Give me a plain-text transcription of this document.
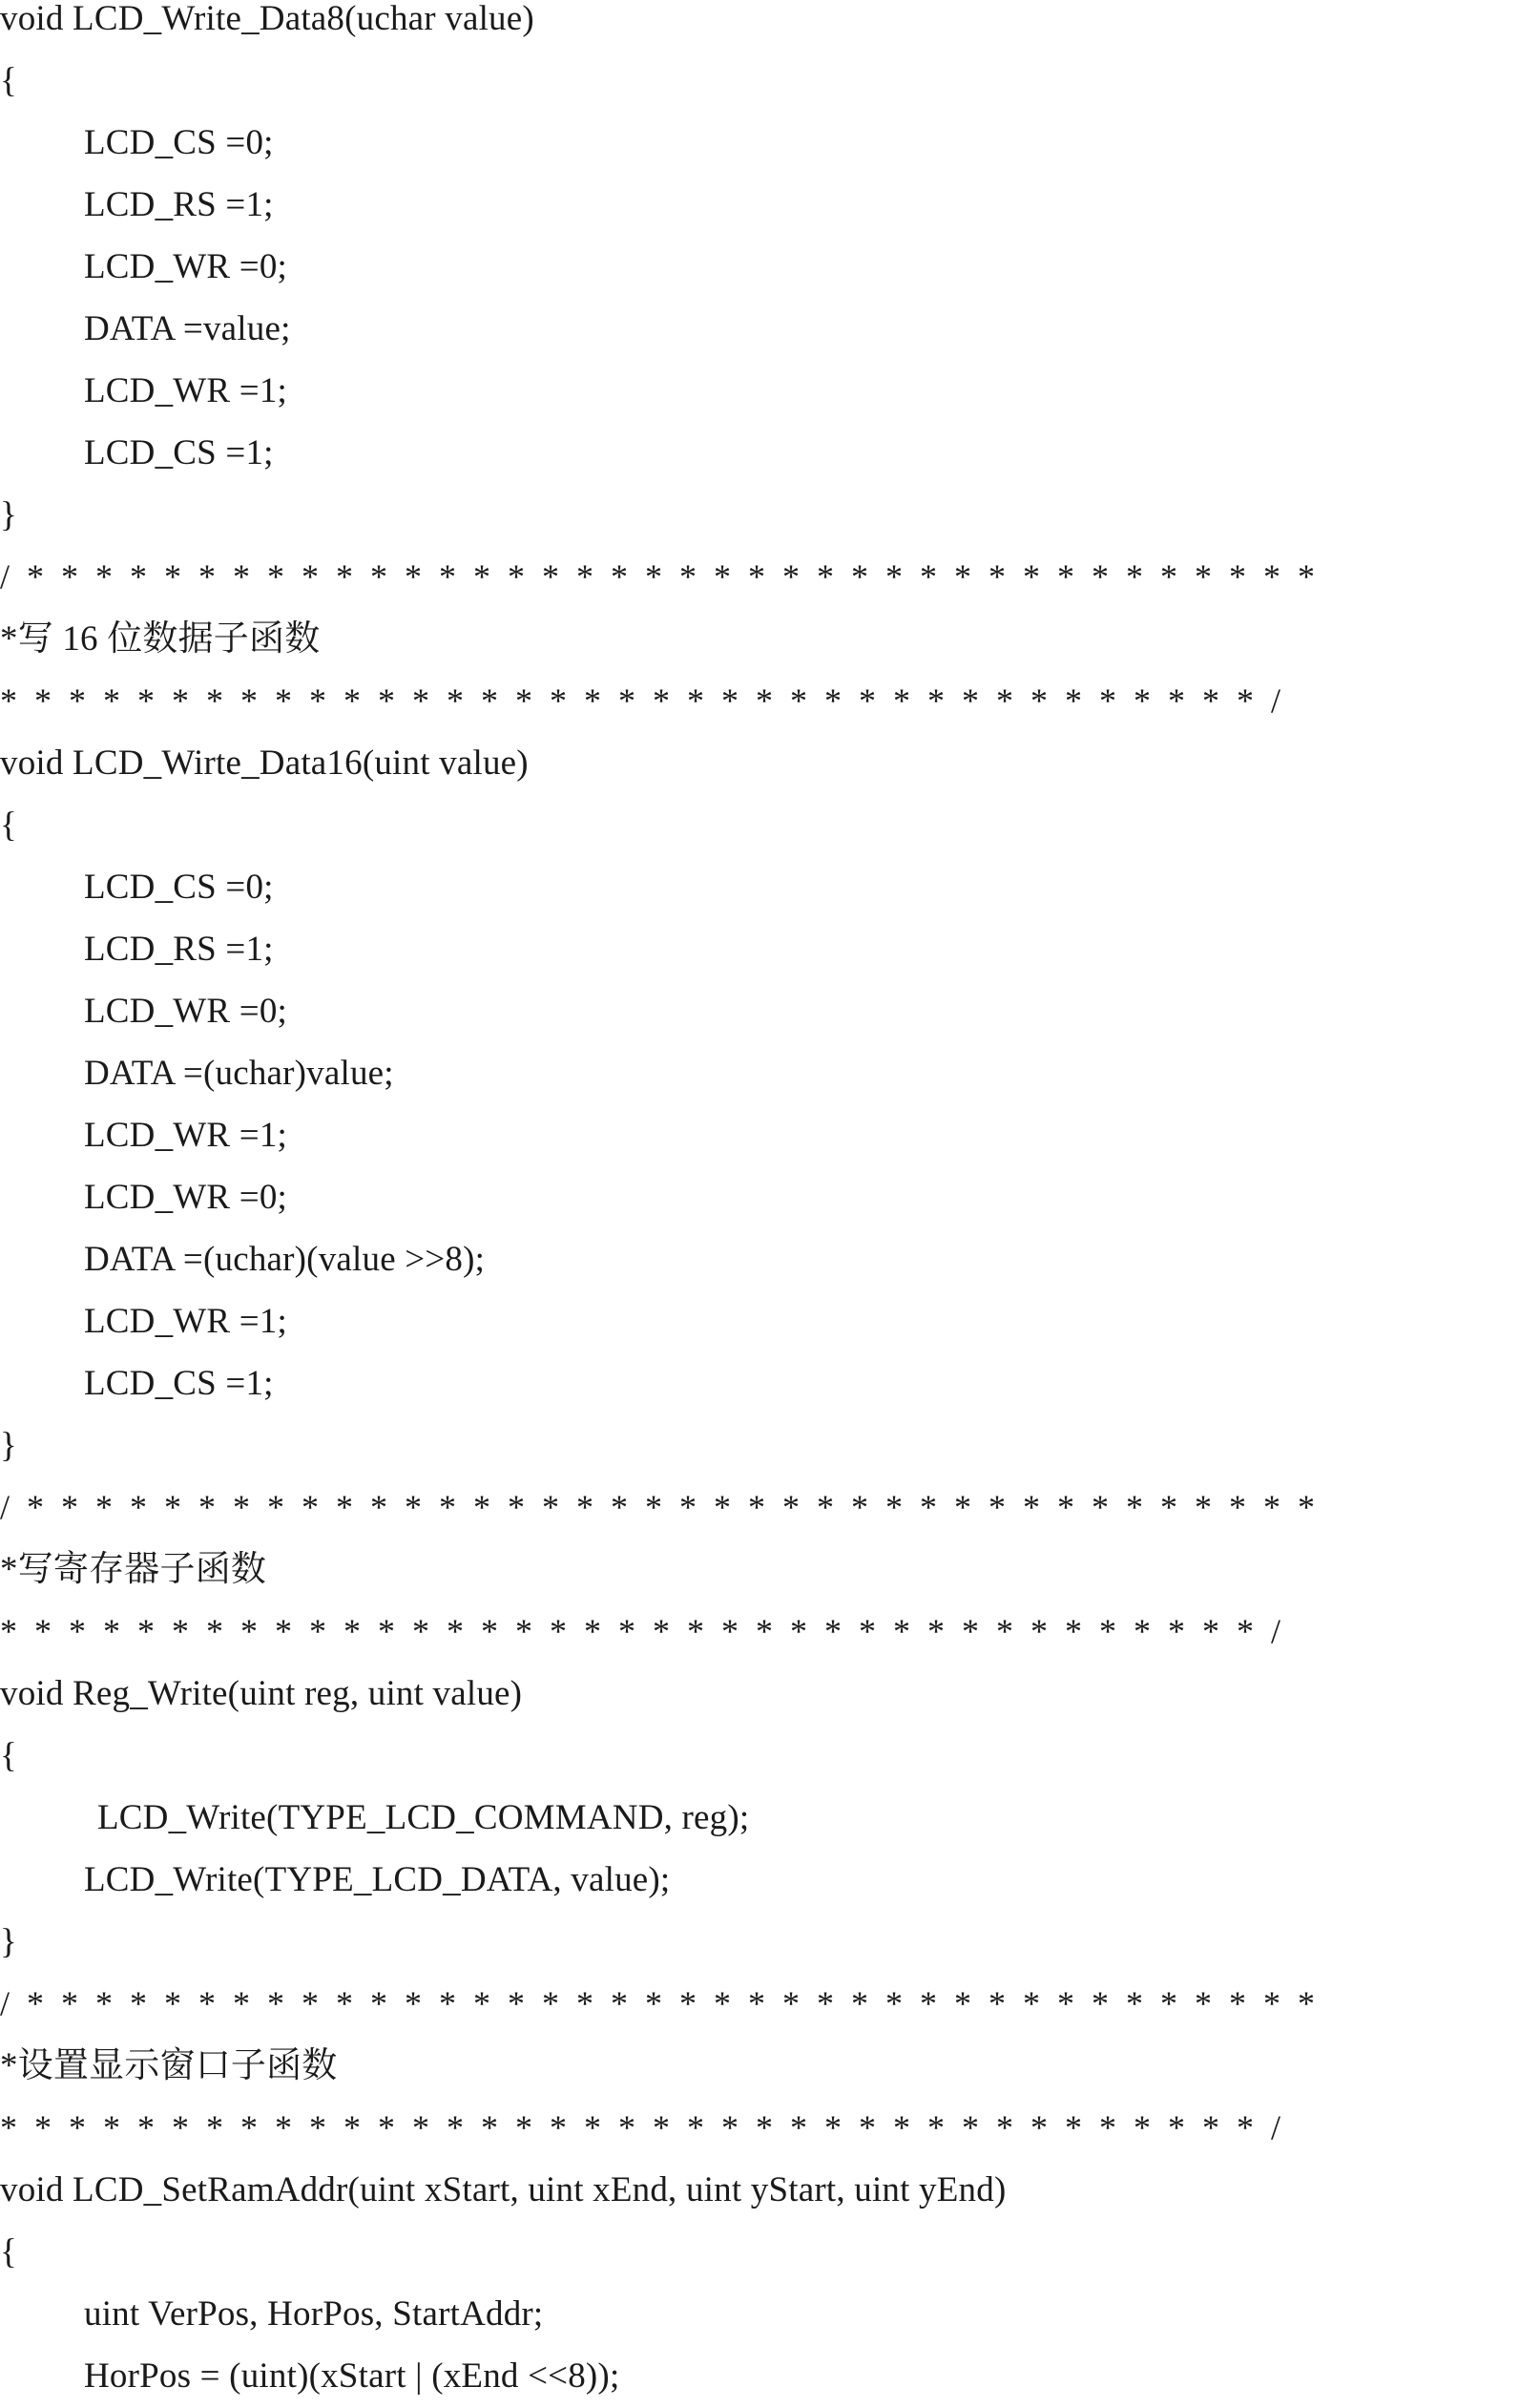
void LCD_Write_Data8(uchar value)
{
LCD_CS =0;
LCD_RS =1;
LCD_WR =0;
DATA =value;
LCD_WR =1;
LCD_CS =1;
}
/**************************************
*写 16 位数据子函数
*************************************/
void LCD_Wirte_Data16(uint value)
{
LCD_CS =0;
LCD_RS =1;
LCD_WR =0;
DATA =(uchar)value;
LCD_WR =1;
LCD_WR =0;
DATA =(uchar)(value >>8);
LCD_WR =1;
LCD_CS =1;
}
/**************************************
*写寄存器子函数
*************************************/
void Reg_Write(uint reg, uint value)
{
LCD_Write(TYPE_LCD_COMMAND, reg);
LCD_Write(TYPE_LCD_DATA, value);
}
/**************************************
*设置显示窗口子函数
*************************************/
void LCD_SetRamAddr(uint xStart, uint xEnd, uint yStart, uint yEnd)
{
uint VerPos, HorPos, StartAddr;
HorPos = (uint)(xStart | (xEnd <<8));
